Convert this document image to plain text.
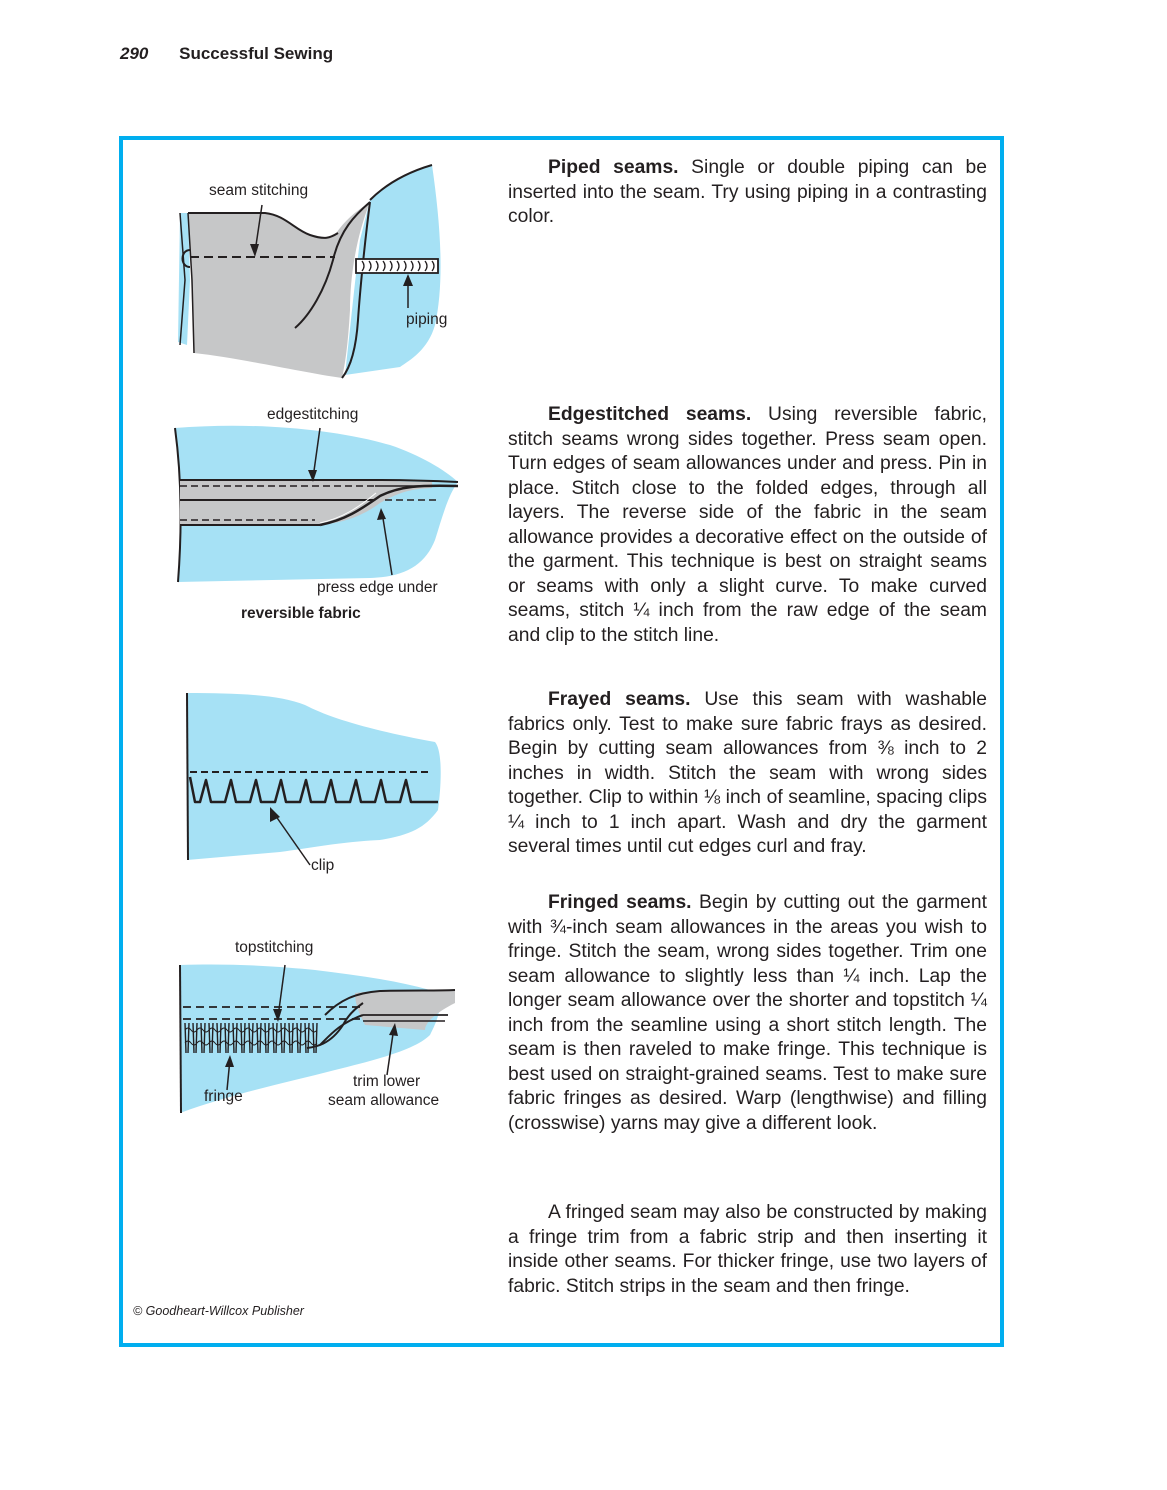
290 Successful Sewing
seam stitching
piping
edgestitching
press edge under
reversible fabric
clip
topstitching
fringe
trim lower
seam allowance

Piped seams. Single or double piping can be inserted into the seam. Try using piping in a contrasting color.

Edgestitched seams. Using reversible fabric, stitch seams wrong sides together. Press seam open. Turn edges of seam allowances under and press. Pin in place. Stitch close to the folded edges, through all layers. The reverse side of the fabric in the seam allowance provides a decorative effect on the outside of the garment. This technique is best on straight seams or seams with only a slight curve. To make curved seams, stitch ¼ inch from the raw edge of the seam and clip to the stitch line.

Frayed seams. Use this seam with washable fabrics only. Test to make sure fabric frays as desired. Begin by cutting seam allowances from ⅜ inch to 2 inches in width. Stitch the seam with wrong sides together. Clip to within ⅛ inch of seamline, spacing clips ¼ inch to 1 inch apart. Wash and dry the garment several times until cut edges curl and fray.

Fringed seams. Begin by cutting out the garment with ¾-inch seam allowances in the areas you wish to fringe. Stitch the seam, wrong sides together. Trim one seam allowance to slightly less than ¼ inch. Lap the longer seam allowance over the shorter and topstitch ¼ inch from the seamline using a short stitch length. The seam is then raveled to make fringe. This technique is best used on straight-grained seams. Test to make sure fabric fringes as desired. Warp (lengthwise) and filling (crosswise) yarns may give a different look.

A fringed seam may also be constructed by making a fringe trim from a fabric strip and then inserting it inside other seams. For thicker fringe, use two layers of fabric. Stitch strips in the seam and then fringe.

© Goodheart-Willcox Publisher
